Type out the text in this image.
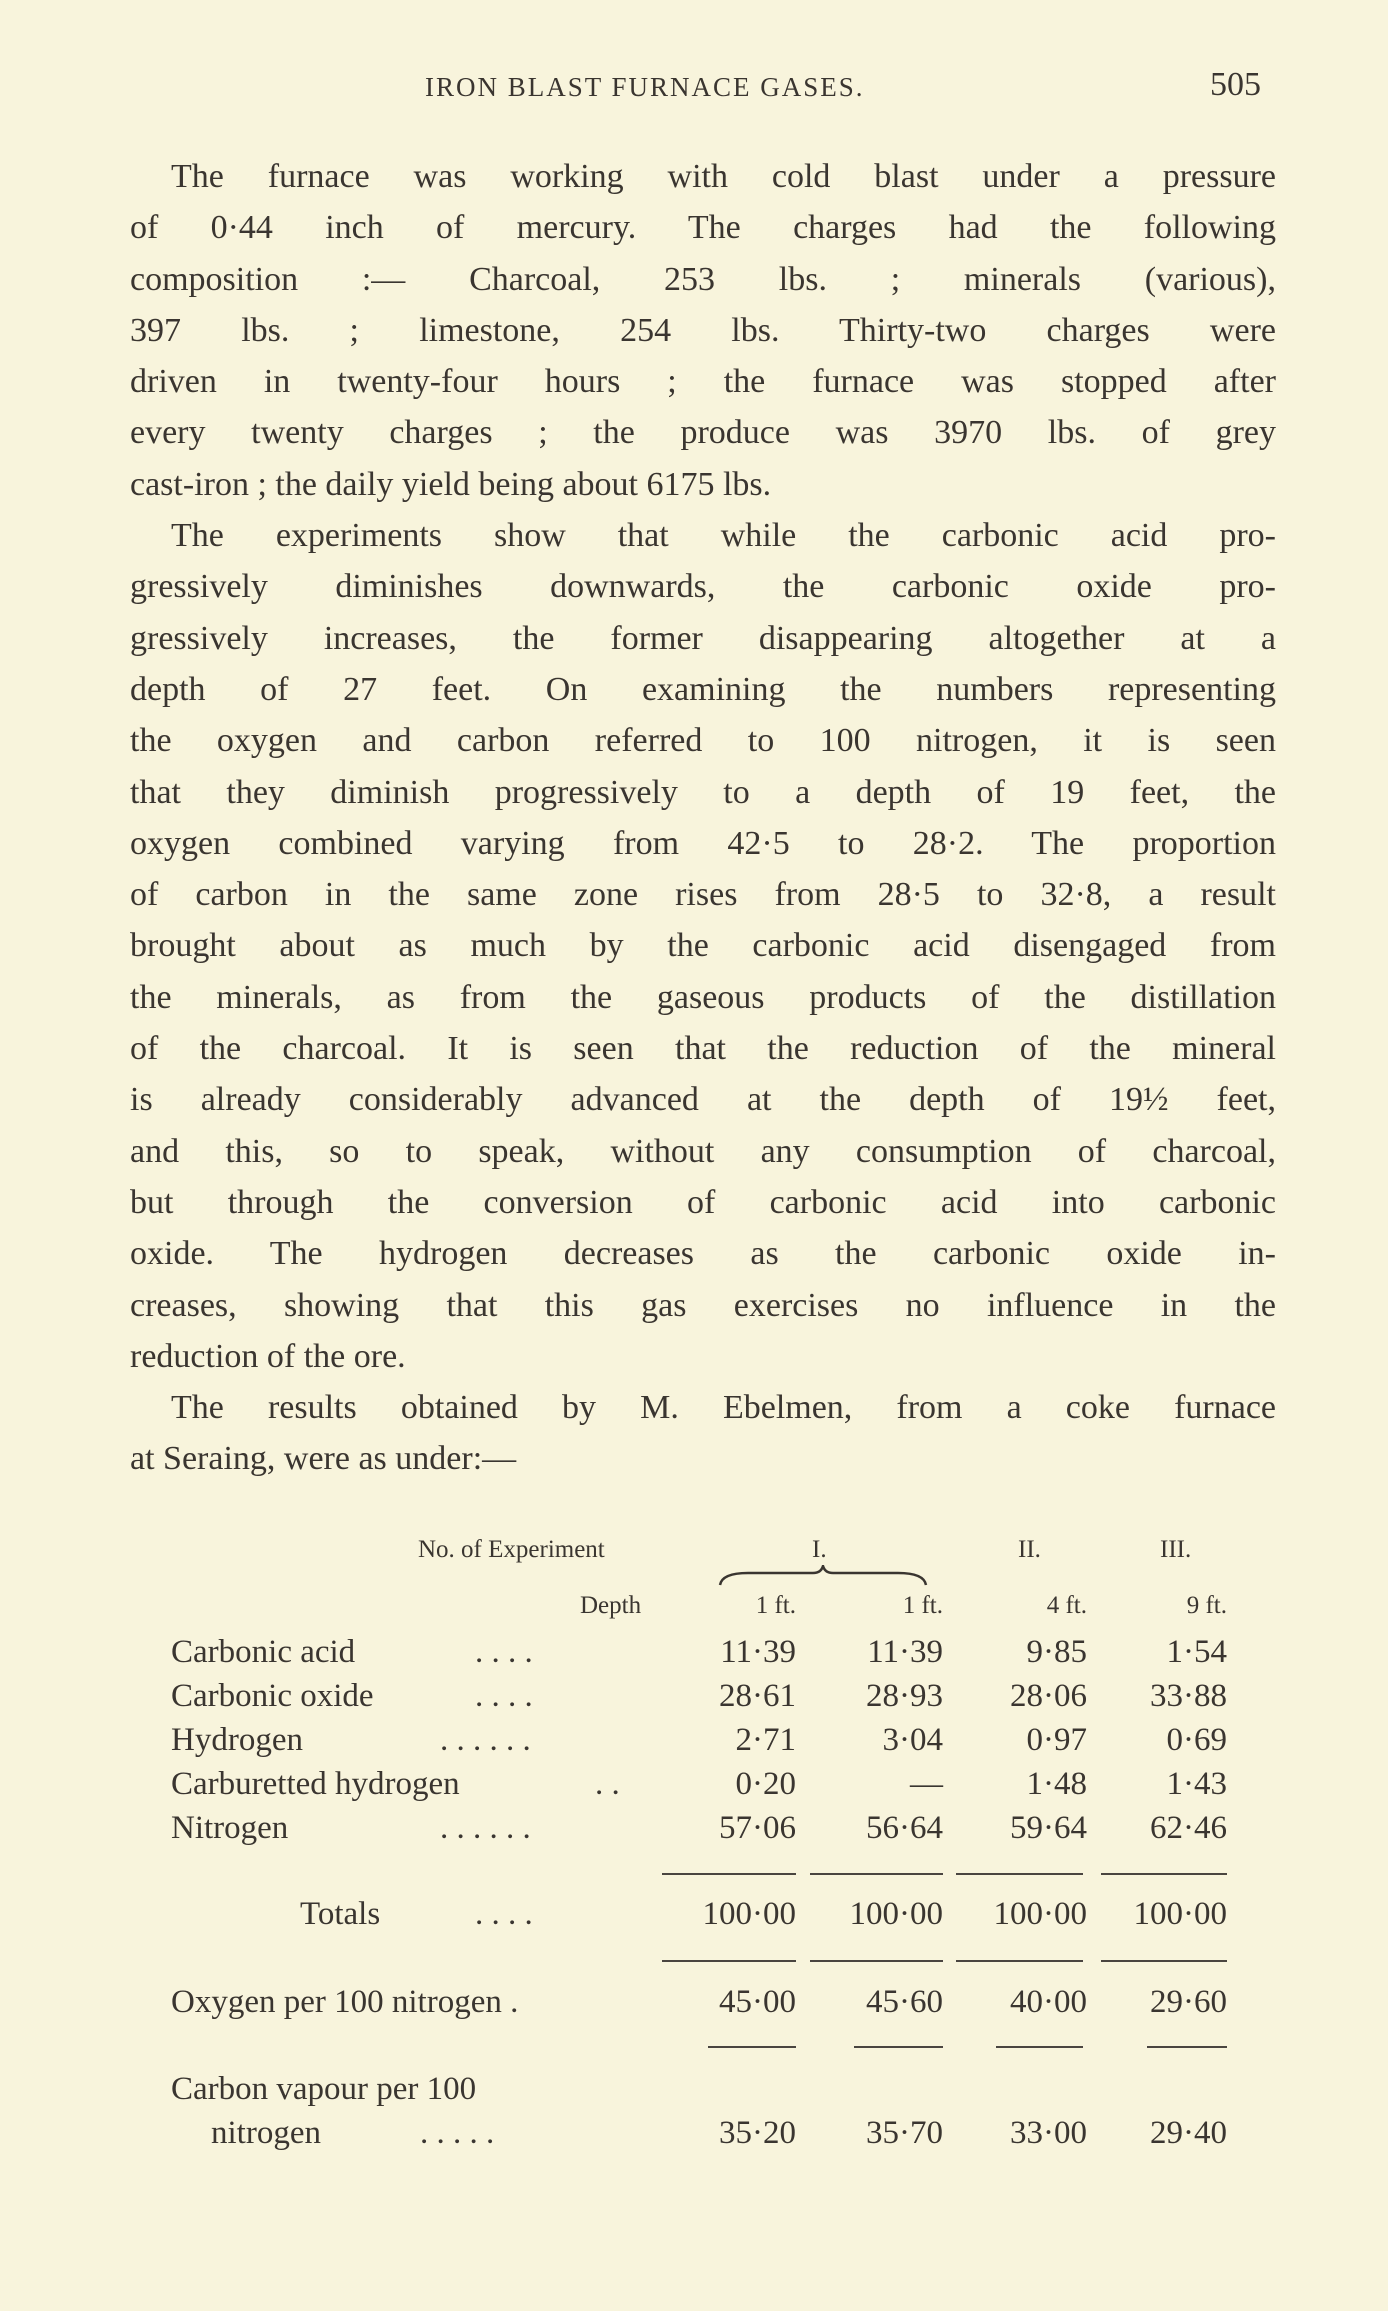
IRON BLAST FURNACE GASES.	505
The furnace was working with cold blast under a pressure
of 0·44 inch of mercury. The charges had the following
composition :— Charcoal, 253 lbs. ; minerals (various),
397 lbs. ; limestone, 254 lbs. Thirty-two charges were
driven in twenty-four hours ; the furnace was stopped after
every twenty charges ; the produce was 3970 lbs. of grey
cast-iron ; the daily yield being about 6175 lbs.
The experiments show that while the carbonic acid pro-
gressively diminishes downwards, the carbonic oxide pro-
gressively increases, the former disappearing altogether at a
depth of 27 feet. On examining the numbers representing
the oxygen and carbon referred to 100 nitrogen, it is seen
that they diminish progressively to a depth of 19 feet, the
oxygen combined varying from 42·5 to 28·2. The proportion
of carbon in the same zone rises from 28·5 to 32·8, a result
brought about as much by the carbonic acid disengaged from
the minerals, as from the gaseous products of the distillation
of the charcoal. It is seen that the reduction of the mineral
is already considerably advanced at the depth of 19½ feet,
and this, so to speak, without any consumption of charcoal,
but through the conversion of carbonic acid into carbonic
oxide. The hydrogen decreases as the carbonic oxide in-
creases, showing that this gas exercises no influence in the
reduction of the ore.
The results obtained by M. Ebelmen, from a coke furnace
at Seraing, were as under:—
No. of Experiment	I.	II.	III.
Depth	1 ft.	1 ft.	4 ft.	9 ft.
Carbonic acid	. . . .	11·39	11·39	9·85	1·54
Carbonic oxide	. . . .	28·61	28·93	28·06	33·88
Hydrogen	. . . . . .	2·71	3·04	0·97	0·69
Carburetted hydrogen	. .	0·20	—	1·48	1·43
Nitrogen	. . . . . .	57·06	56·64	59·64	62·46
Totals	. . . .	100·00	100·00	100·00	100·00
Oxygen per 100 nitrogen .	45·00	45·60	40·00	29·60
Carbon vapour per 100
nitrogen	. . . . .	35·20	35·70	33·00	29·40
